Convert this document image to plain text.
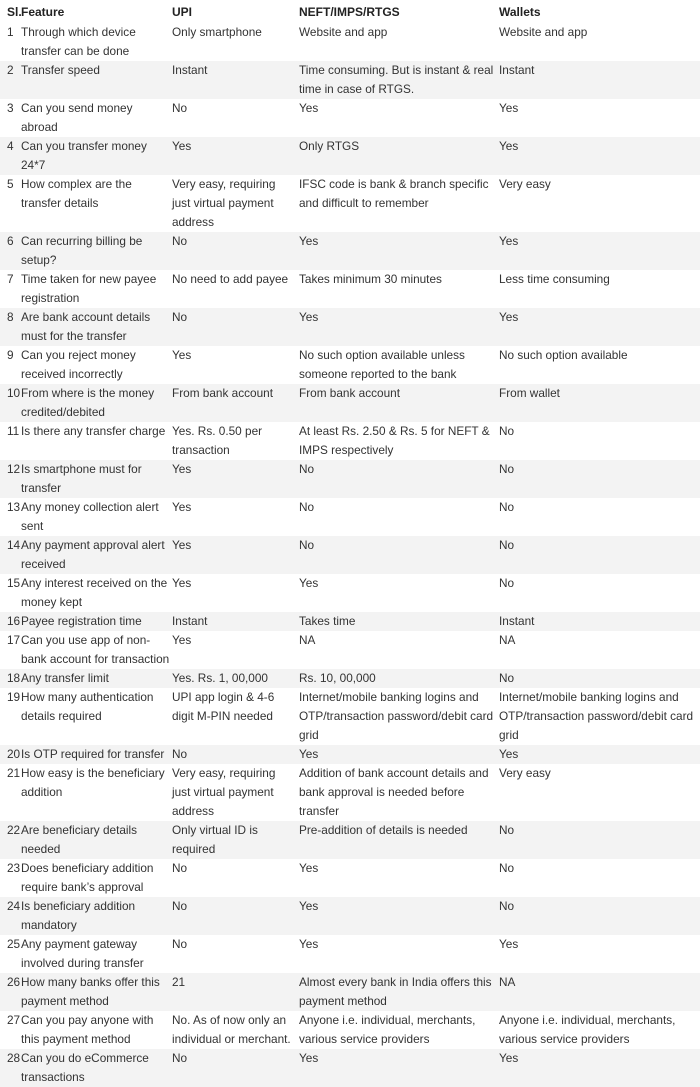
Sl.	Feature	UPI	NEFT/IMPS/RTGS	Wallets
1	Through which device transfer can be done	Only smartphone	Website and app	Website and app
2	Transfer speed	Instant	Time consuming. But is instant & real time in case of RTGS.	Instant
3	Can you send money abroad	No	Yes	Yes
4	Can you transfer money 24*7	Yes	Only RTGS	Yes
5	How complex are the transfer details	Very easy, requiring just virtual payment address	IFSC code is bank & branch specific and difficult to remember	Very easy
6	Can recurring billing be setup?	No	Yes	Yes
7	Time taken for new payee registration	No need to add payee	Takes minimum 30 minutes	Less time consuming
8	Are bank account details must for the transfer	No	Yes	Yes
9	Can you reject money received incorrectly	Yes	No such option available unless someone reported to the bank	No such option available
10	From where is the money credited/debited	From bank account	From bank account	From wallet
11	Is there any transfer charge	Yes. Rs. 0.50 per transaction	At least Rs. 2.50 & Rs. 5 for NEFT & IMPS respectively	No
12	Is smartphone must for transfer	Yes	No	No
13	Any money collection alert sent	Yes	No	No
14	Any payment approval alert received	Yes	No	No
15	Any interest received on the money kept	Yes	Yes	No
16	Payee registration time	Instant	Takes time	Instant
17	Can you use app of non-bank account for transaction	Yes	NA	NA
18	Any transfer limit	Yes. Rs. 1, 00,000	Rs. 10, 00,000	No
19	How many authentication details required	UPI app login & 4-6 digit M-PIN needed	Internet/mobile banking logins and OTP/transaction password/debit card grid	Internet/mobile banking logins and OTP/transaction password/debit card grid
20	Is OTP required for transfer	No	Yes	Yes
21	How easy is the beneficiary addition	Very easy, requiring just virtual payment address	Addition of bank account details and bank approval is needed before transfer	Very easy
22	Are beneficiary details needed	Only virtual ID is required	Pre-addition of details is needed	No
23	Does beneficiary addition require bank’s approval	No	Yes	No
24	Is beneficiary addition mandatory	No	Yes	No
25	Any payment gateway involved during transfer	No	Yes	Yes
26	How many banks offer this payment method	21	Almost every bank in India offers this payment method	NA
27	Can you pay anyone with this payment method	No. As of now only an individual or merchant.	Anyone i.e. individual, merchants, various service providers	Anyone i.e. individual, merchants, various service providers
28	Can you do eCommerce transactions	No	Yes	Yes
